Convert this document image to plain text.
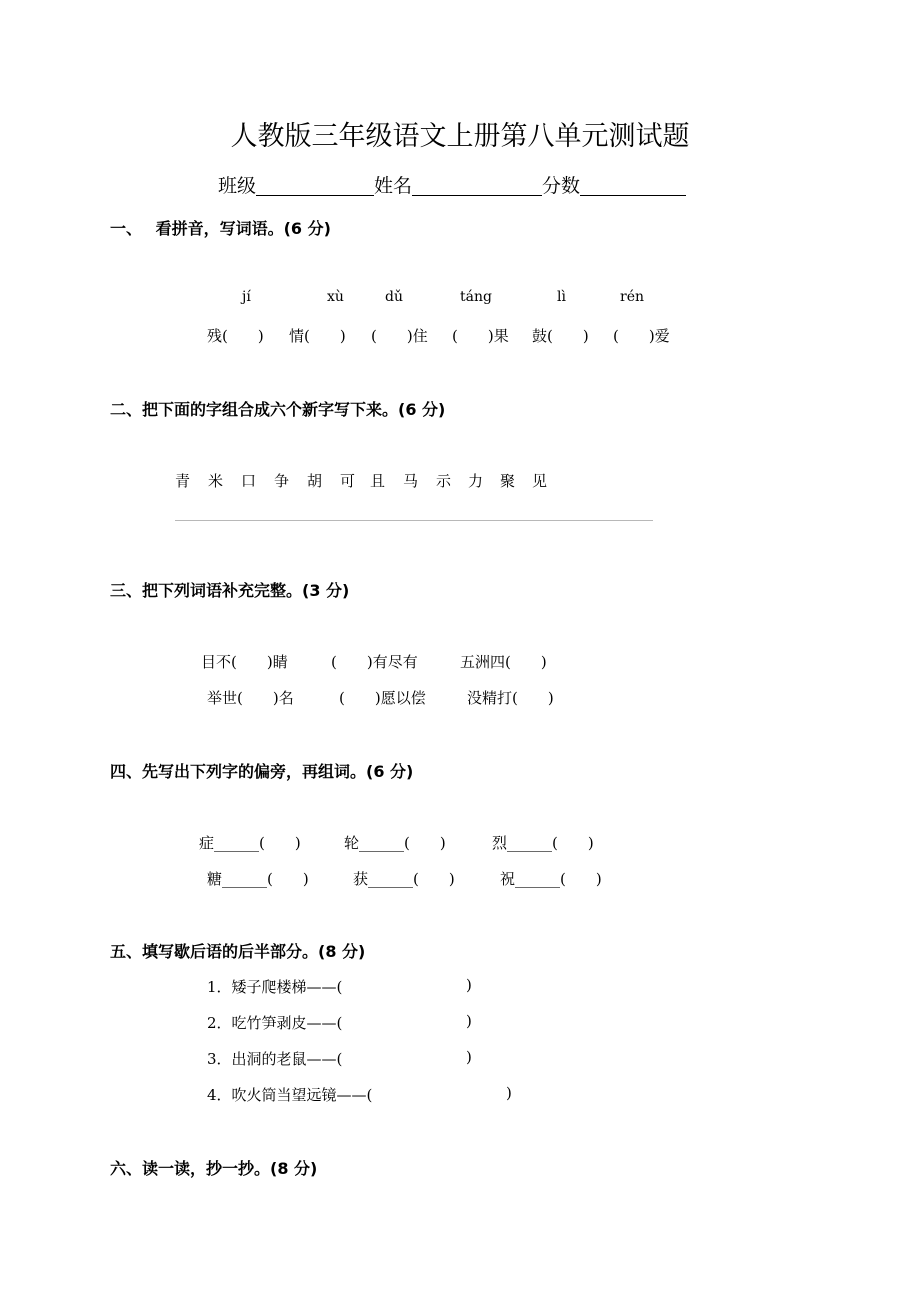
人教版三年级语文上册第八单元测试题
班级	姓名	分数
一、　 看拼音，写词语。(6 分)
jí	xù	dǔ	táng	lì	rén
残(　　) 情(　　) (　　)住 (　　)果 鼓(　　) (　　)爱
二、把下面的字组合成六个新字写下来。(6 分)
青 米 口 争 胡 可 且 马 示 力 聚 见
三、把下列词语补充完整。(3 分)
目不(　　)睛	(　　)有尽有	五洲四(　　)
举世(　　)名	(　　)愿以偿	没精打(　　)
四、先写出下列字的偏旁，再组词。(6 分)
症______(　　)	轮______(　　)	烈______(　　)
糖______(　　)	获______(　　)	祝______(　　)
五、填写歇后语的后半部分。(8 分)
1．矮子爬楼梯——(	)
2．吃竹笋剥皮——(	)
3．出洞的老鼠——(	)
4．吹火筒当望远镜——(	)
六、读一读，抄一抄。(8 分)
